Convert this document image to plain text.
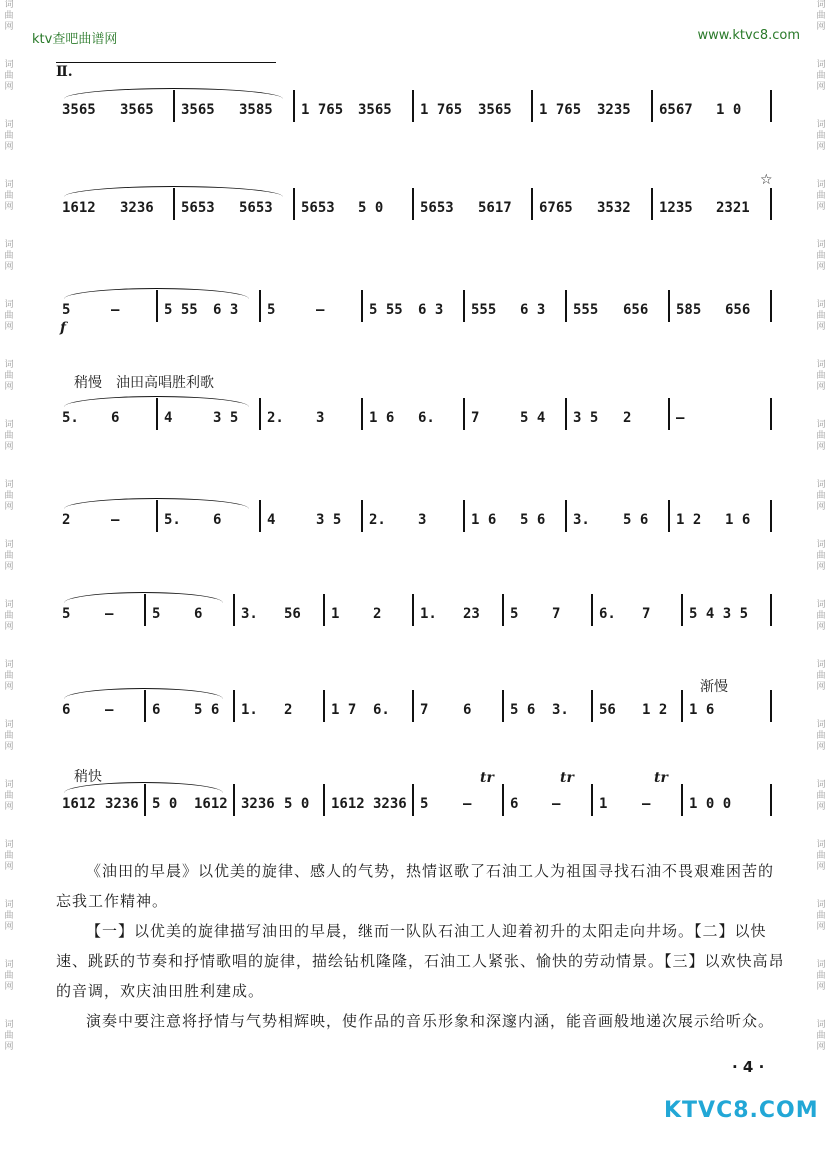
ktv查吧曲谱网	www.ktvc8.com
词
曲
网
词
曲
网
词
曲
网
词
曲
网
词
曲
网
词
曲
网
词
曲
网
词
曲
网
词
曲
网
词
曲
网
词
曲
网
词
曲
网
词
曲
网
词
曲
网
词
曲
网
词
曲
网
词
曲
网
词
曲
网
词
曲
网
词
曲
网
词
曲
网
词
曲
网
词
曲
网
词
曲
网
词
曲
网
词
曲
网
词
曲
网
词
曲
网
词
曲
网
词
曲
网
词
曲
网
词
曲
网
词
曲
网
词
曲
网
词
曲
网
词
曲
网
Ⅱ.
3565 3565 3565 3585 1 765 3565 1 765 3565 1 765 3235 6567 1 0
1612 3236 5653 5653 5653 5 0	5653 5617 6765 3532 1235 2321
5	–	5 55 6 3 5	–	5 55 6 3 555 6 3 555 656 585 656
5. 6	4	3 5 2. 3	1 6 6.	7	5 4 3 5 2	–
2	–	5. 6	4	3 5 2. 3	1 6 5 6 3. 5 6 1 2 1 6
5 –	5 6	3. 56 1 2	1. 23 5 7	6. 7	5 4 3 5
6 –	6 5 6 1. 2	1 7 6. 7 6	5 6 3. 56 1 2 1 6
1612 3236 5 0 1612 3236 5 0 1612 3236 5 –	6 –	1 –	1 0 0
☆
稍慢　油田高唱胜利歌
渐慢
稍快
f
tr	tr	tr
《油田的早晨》以优美的旋律、感人的气势，热情讴歌了石油工人为祖国寻找石油不畏艰难困苦的忘我工作精神。
【一】以优美的旋律描写油田的早晨，继而一队队石油工人迎着初升的太阳走向井场。【二】以快速、跳跃的节奏和抒情歌唱的旋律，描绘钻机隆隆，石油工人紧张、愉快的劳动情景。【三】以欢快高昂的音调，欢庆油田胜利建成。
演奏中要注意将抒情与气势相辉映，使作品的音乐形象和深邃内涵，能音画般地递次展示给听众。
· 4 ·
KTVC8.COM
